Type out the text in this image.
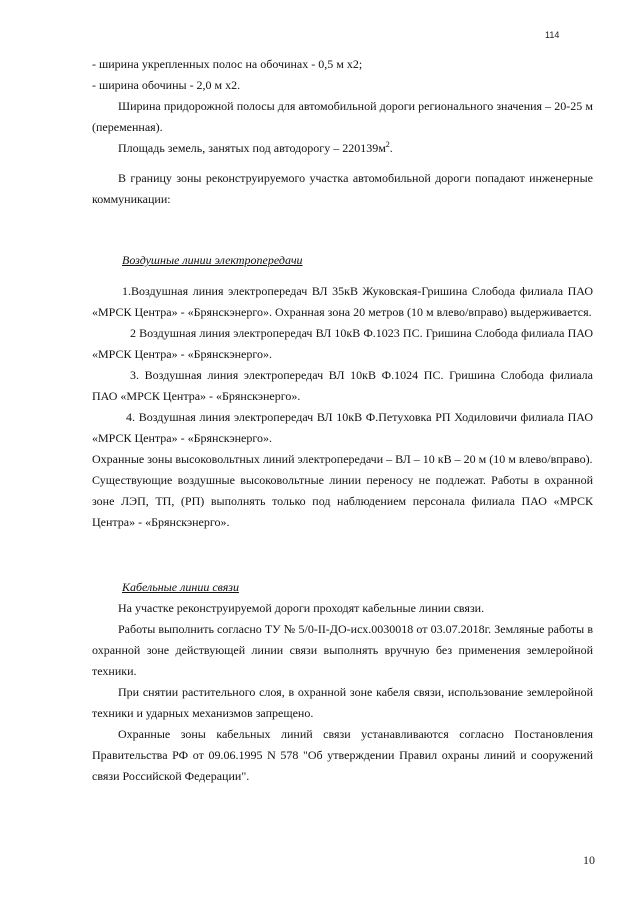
114

- ширина укрепленных полос на обочинах - 0,5 м х2;

- ширина обочины - 2,0 м х2.

Ширина придорожной полосы для автомобильной дороги регионального значения – 20-25 м (переменная).

Площадь земель, занятых под автодорогу – $220139м^2$.

В границу зоны реконструируемого участка автомобильной дороги попадают инженерные коммуникации:

Воздушные линии электропередачи

1.Воздушная линия электропередач ВЛ 35кВ Жуковская-Гришина Слобода филиала ПАО «МРСК Центра» - «Брянскэнерго». Охранная зона 20 метров (10 м влево/вправо) выдерживается.

2 Воздушная линия электропередач ВЛ 10кВ Ф.1023 ПС. Гришина Слобода филиала ПАО «МРСК Центра» - «Брянскэнерго».

3. Воздушная линия электропередач ВЛ 10кВ Ф.1024 ПС. Гришина Слобода филиала ПАО «МРСК Центра» - «Брянскэнерго».

4. Воздушная линия электропередач ВЛ 10кВ Ф.Петуховка РП Ходиловичи филиала ПАО «МРСК Центра» - «Брянскэнерго».

Охранные зоны высоковольтных линий электропередачи – ВЛ – 10 кВ – 20 м (10 м влево/вправо).

Существующие воздушные высоковольтные линии переносу не подлежат. Работы в охранной зоне ЛЭП, ТП, (РП) выполнять только под наблюдением персонала филиала ПАО «МРСК Центра» - «Брянскэнерго».

Кабельные линии связи

На участке реконструируемой дороги проходят кабельные линии связи.

Работы выполнить согласно ТУ № 5/0-II-ДО-исх.0030018 от 03.07.2018г. Земляные работы в охранной зоне действующей линии связи выполнять вручную без применения землеройной техники.

При снятии растительного слоя, в охранной зоне кабеля связи, использование землеройной техники и ударных механизмов запрещено.

Охранные зоны кабельных линий связи устанавливаются согласно Постановления Правительства РФ от 09.06.1995 N 578 "Об утверждении Правил охраны линий и сооружений связи Российской Федерации".

10
